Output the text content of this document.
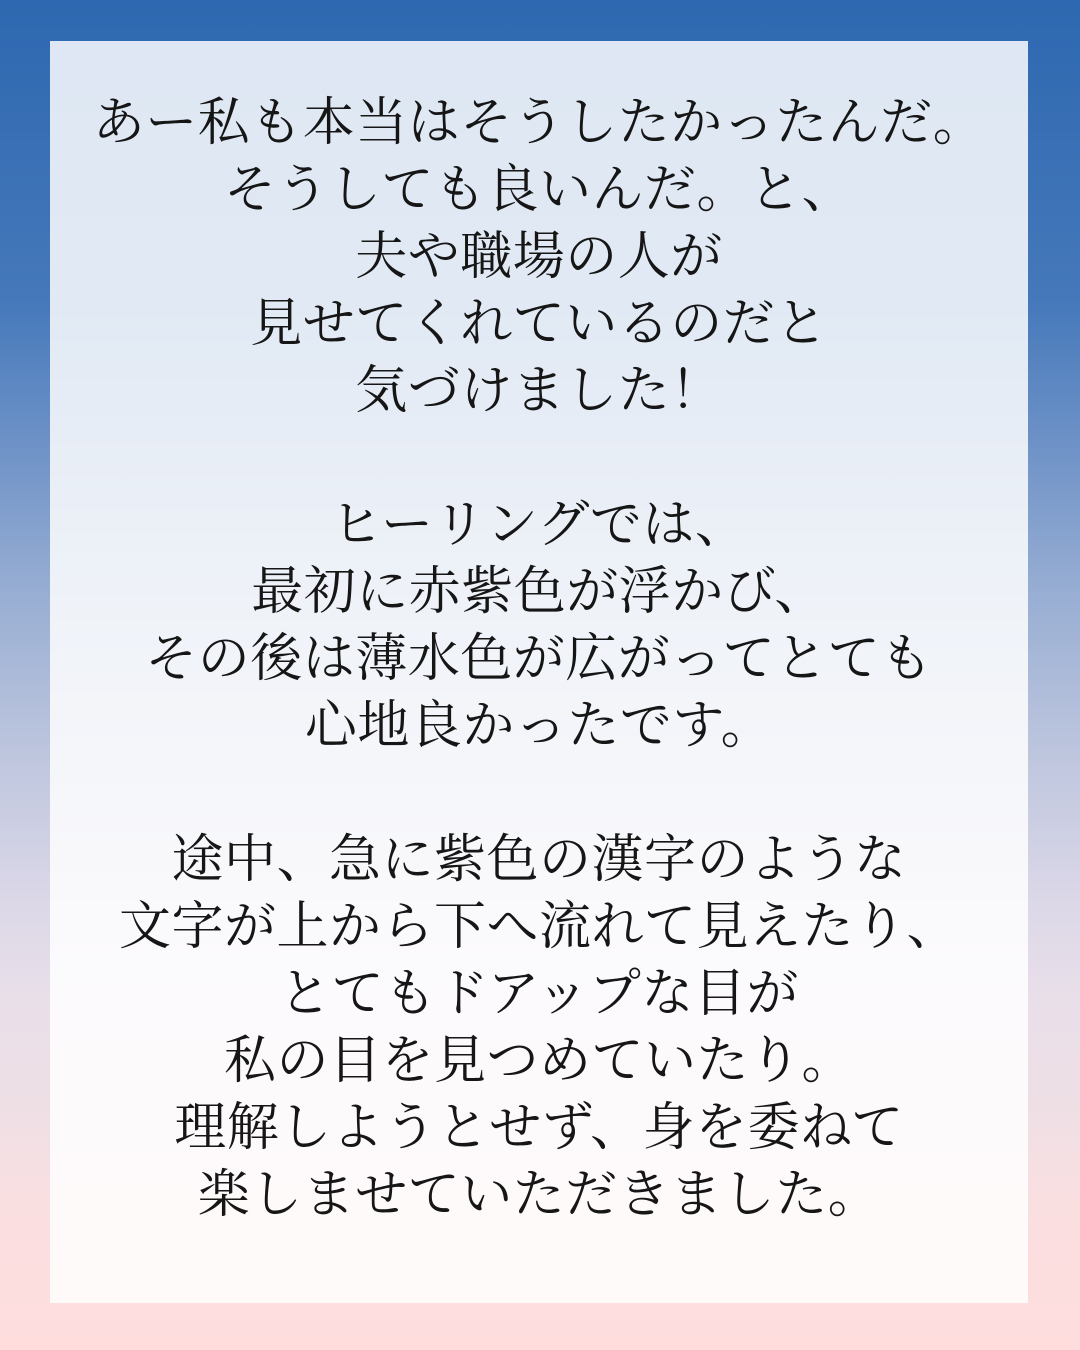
あー私も本当はそうしたかったんだ。
そうしても良いんだ。と、
夫や職場の人が
見せてくれているのだと
気づけました！
ヒーリングでは、
最初に赤紫色が浮かび、
その後は薄水色が広がってとても
心地良かったです。
途中、急に紫色の漢字のような
文字が上から下へ流れて見えたり、
とてもドアップな目が
私の目を見つめていたり。
理解しようとせず、身を委ねて
楽しませていただきました。
